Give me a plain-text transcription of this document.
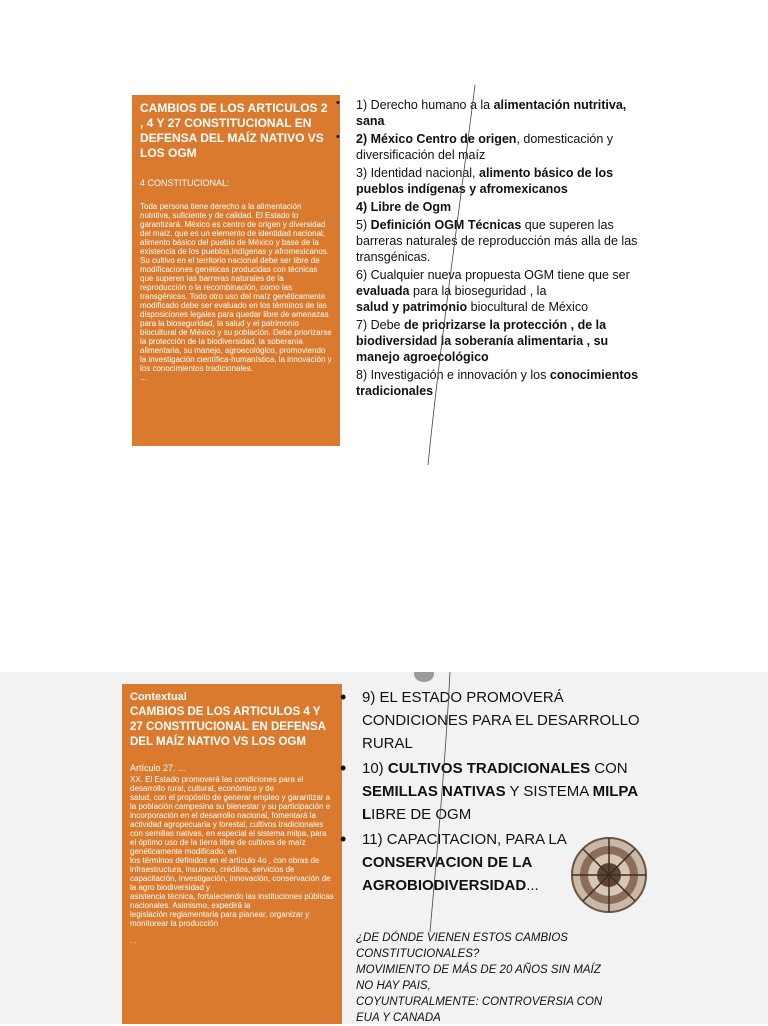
CAMBIOS DE LOS ARTICULOS 2 , 4 Y 27 CONSTITUCIONAL EN DEFENSA DEL MAÍZ NATIVO VS LOS OGM
4 CONSTITUCIONAL:

Toda persona tiene derecho a la alimentación nutritiva, suficiente y de calidad. El Estado lo garantizará. México es centro de origen y diversidad del maíz, que es un elemento de identidad nacional, alimento básico del pueblo de México y base de la existencia de los pueblos,indígenas y afromexicanos. Su cultivo en el territorio nacional debe ser libre de modificaciones genéticas producidas con técnicas que superen las barreras naturales de la reproducción o la recombinación, como las transgénicas. Todo otro uso del maíz genéticamente modificado debe ser evaluado en los términos de las disposiciones legales para quedar libre de amenazas para la bioseguridad, la salud y el patrimonio biocultural de México y su población. Debe priorizarse la protección de la biodiversidad, la soberanía alimentaria, su manejo, agroecológico, promoviendo la investigación científica-humanística, la innovación y los conocimientos tradicionales.

...

• 1) Derecho humano a la alimentación nutritiva, sana
• 2) México Centro de origen, domesticación y diversificación del maíz
3) Identidad nacional, alimento básico de los pueblos indígenas y afromexicanos
4) Libre de Ogm
5) Definición OGM Técnicas que superen las barreras naturales de reproducción más alla de las transgénicas.
6) Cualquier nueva propuesta OGM tiene que ser evaluada para la bioseguridad , la
salud y patrimonio biocultural de México
7) Debe de priorizarse la protección , de la biodiversidad la soberanía alimentaria , su manejo agroecológico
8) Investigación e innovación y los conocimientos tradicionales
Contextual
CAMBIOS DE LOS ARTICULOS 4 Y 27 CONSTITUCIONAL EN DEFENSA DEL MAÍZ NATIVO VS LOS OGM
Artículo 27. ...

XX. El Estado promoverá las condiciones para el desarrollo rural, cultural, económico y de

salud, con el propósito de generar empleo y garantizar a la población campesina su bienestar y su participación e incorporación en el desarrollo nacional, fomentará la actividad agropecuaria y forestal, cultivos tradicionales con semillas nativas, en especial el sistema milpa, para el óptimo uso de la tierra libre de cultivos de maíz genéticamente modificado, en

los términos definidos en el artículo 4o , con obras de infraestructura, insumos, créditos, servicios de capacitación, investigación, innovación, conservación de la agro biodiversidad y

asistencia técnica, fortaleciendo las instituciones públicas nacionales. Asimismo, expedirá la

legislación reglamentaria para planear, organizar y monitorear la producción

...

• 9) EL ESTADO PROMOVERÁ CONDICIONES PARA EL DESARROLLO RURAL
• 10) CULTIVOS TRADICIONALES CON SEMILLAS NATIVAS Y SISTEMA MILPA LIBRE DE OGM
• 11) CAPACITACION, PARA LA CONSERVACION DE LA AGROBIODIVERSIDAD...

¿DE DÓNDE VIENEN ESTOS CAMBIOS CONSTITUCIONALES?

MOVIMIENTO DE MÁS DE 20 AÑOS SIN MAÍZ NO HAY PAIS,

COYUNTURALMENTE: CONTROVERSIA CON EUA Y CANADA
